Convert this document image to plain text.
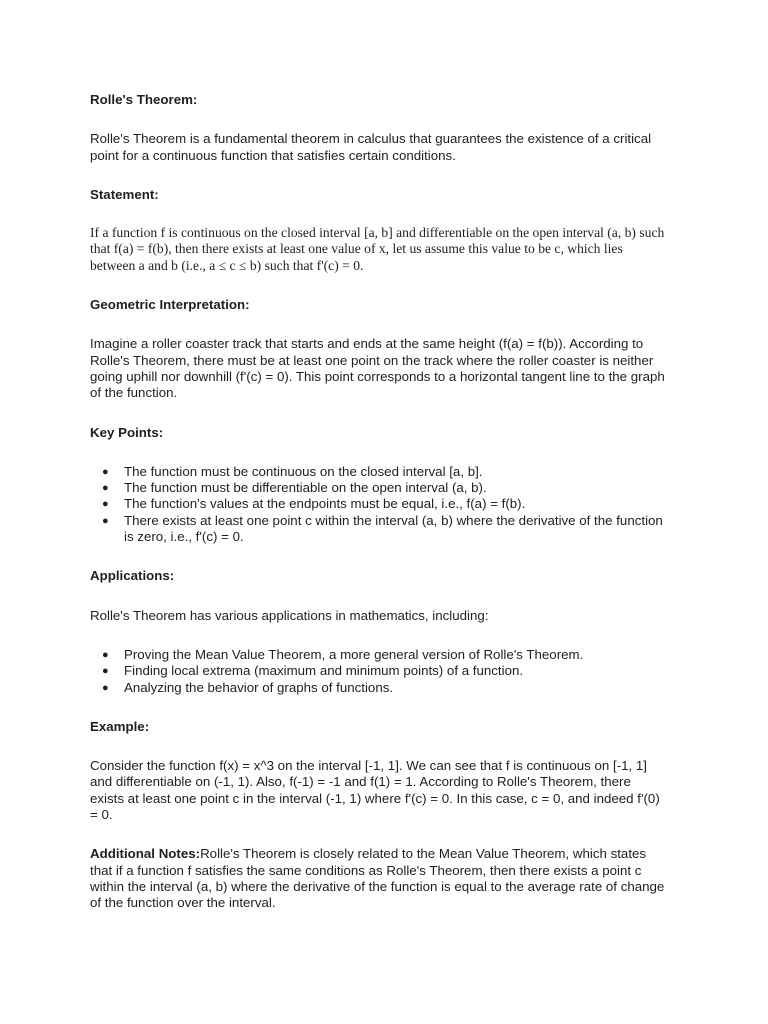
Rolle's Theorem:

Rolle's Theorem is a fundamental theorem in calculus that guarantees the existence of a critical point for a continuous function that satisfies certain conditions.

Statement:

If a function f is continuous on the closed interval [a, b] and differentiable on the open interval (a, b) such that f(a) = f(b), then there exists at least one value of x, let us assume this value to be c, which lies between a and b (i.e., a ≤ c ≤ b) such that f'(c) = 0.

Geometric Interpretation:

Imagine a roller coaster track that starts and ends at the same height (f(a) = f(b)). According to Rolle's Theorem, there must be at least one point on the track where the roller coaster is neither going uphill nor downhill (f'(c) = 0). This point corresponds to a horizontal tangent line to the graph of the function.

Key Points:

● The function must be continuous on the closed interval [a, b].
● The function must be differentiable on the open interval (a, b).
● The function's values at the endpoints must be equal, i.e., f(a) = f(b).
● There exists at least one point c within the interval (a, b) where the derivative of the function is zero, i.e., f'(c) = 0.

Applications:

Rolle's Theorem has various applications in mathematics, including:

● Proving the Mean Value Theorem, a more general version of Rolle's Theorem.
● Finding local extrema (maximum and minimum points) of a function.
● Analyzing the behavior of graphs of functions.

Example:

Consider the function f(x) = x^3 on the interval [-1, 1]. We can see that f is continuous on [-1, 1] and differentiable on (-1, 1). Also, f(-1) = -1 and f(1) = 1. According to Rolle's Theorem, there exists at least one point c in the interval (-1, 1) where f'(c) = 0. In this case, c = 0, and indeed f'(0) = 0.

Additional Notes:Rolle's Theorem is closely related to the Mean Value Theorem, which states that if a function f satisfies the same conditions as Rolle's Theorem, then there exists a point c within the interval (a, b) where the derivative of the function is equal to the average rate of change of the function over the interval.
